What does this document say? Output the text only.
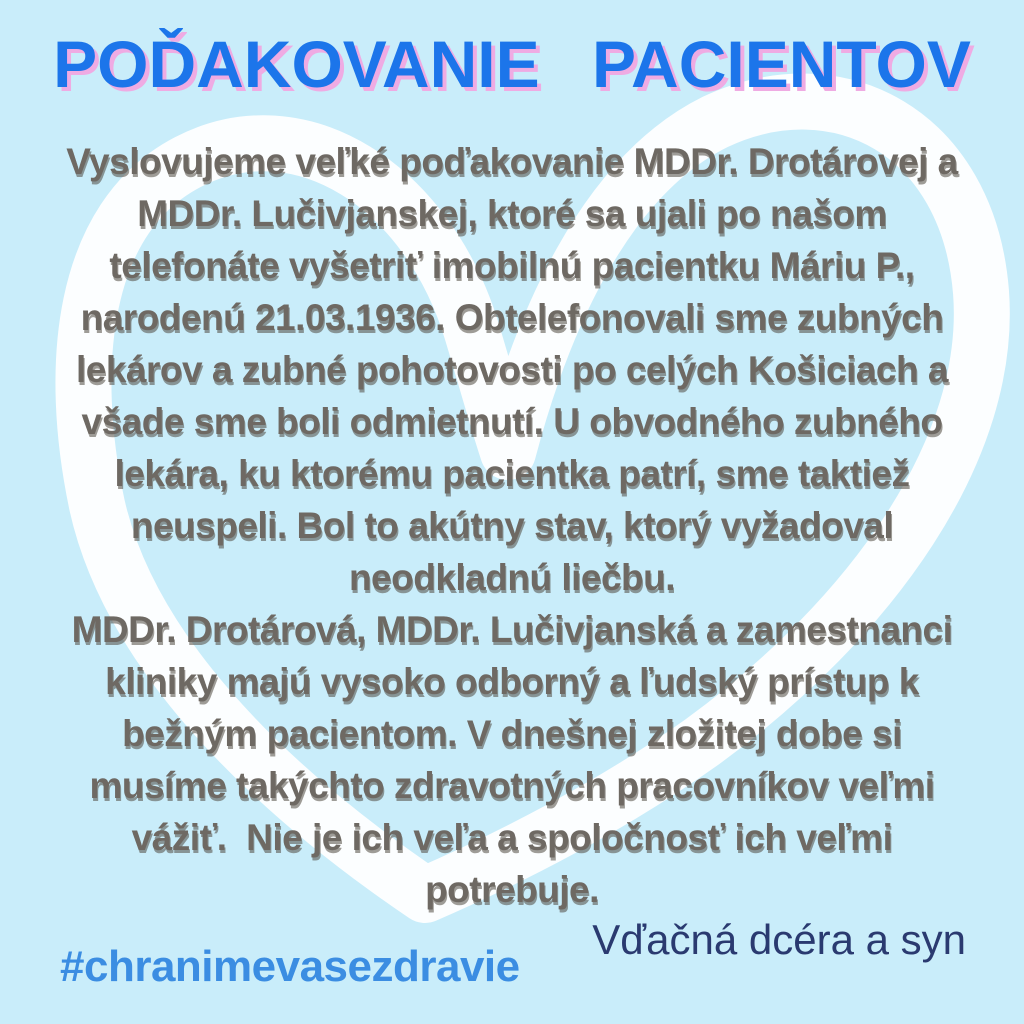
POĎAKOVANIE PACIENTOV
Vyslovujeme veľké poďakovanie MDDr. Drotárovej a
MDDr. Lučivjanskej, ktoré sa ujali po našom
telefonáte vyšetriť imobilnú pacientku Máriu P.,
narodenú 21.03.1936. Obtelefonovali sme zubných
lekárov a zubné pohotovosti po celých Košiciach a
všade sme boli odmietnutí. U obvodného zubného
lekára, ku ktorému pacientka patrí, sme taktiež
neuspeli. Bol to akútny stav, ktorý vyžadoval
neodkladnú liečbu.
MDDr. Drotárová, MDDr. Lučivjanská a zamestnanci
kliniky majú vysoko odborný a ľudský prístup k
bežným pacientom. V dnešnej zložitej dobe si
musíme takýchto zdravotných pracovníkov veľmi
vážiť.  Nie je ich veľa a spoločnosť ich veľmi
potrebuje.
#chranimevasezdravie
Vďačná dcéra a syn
